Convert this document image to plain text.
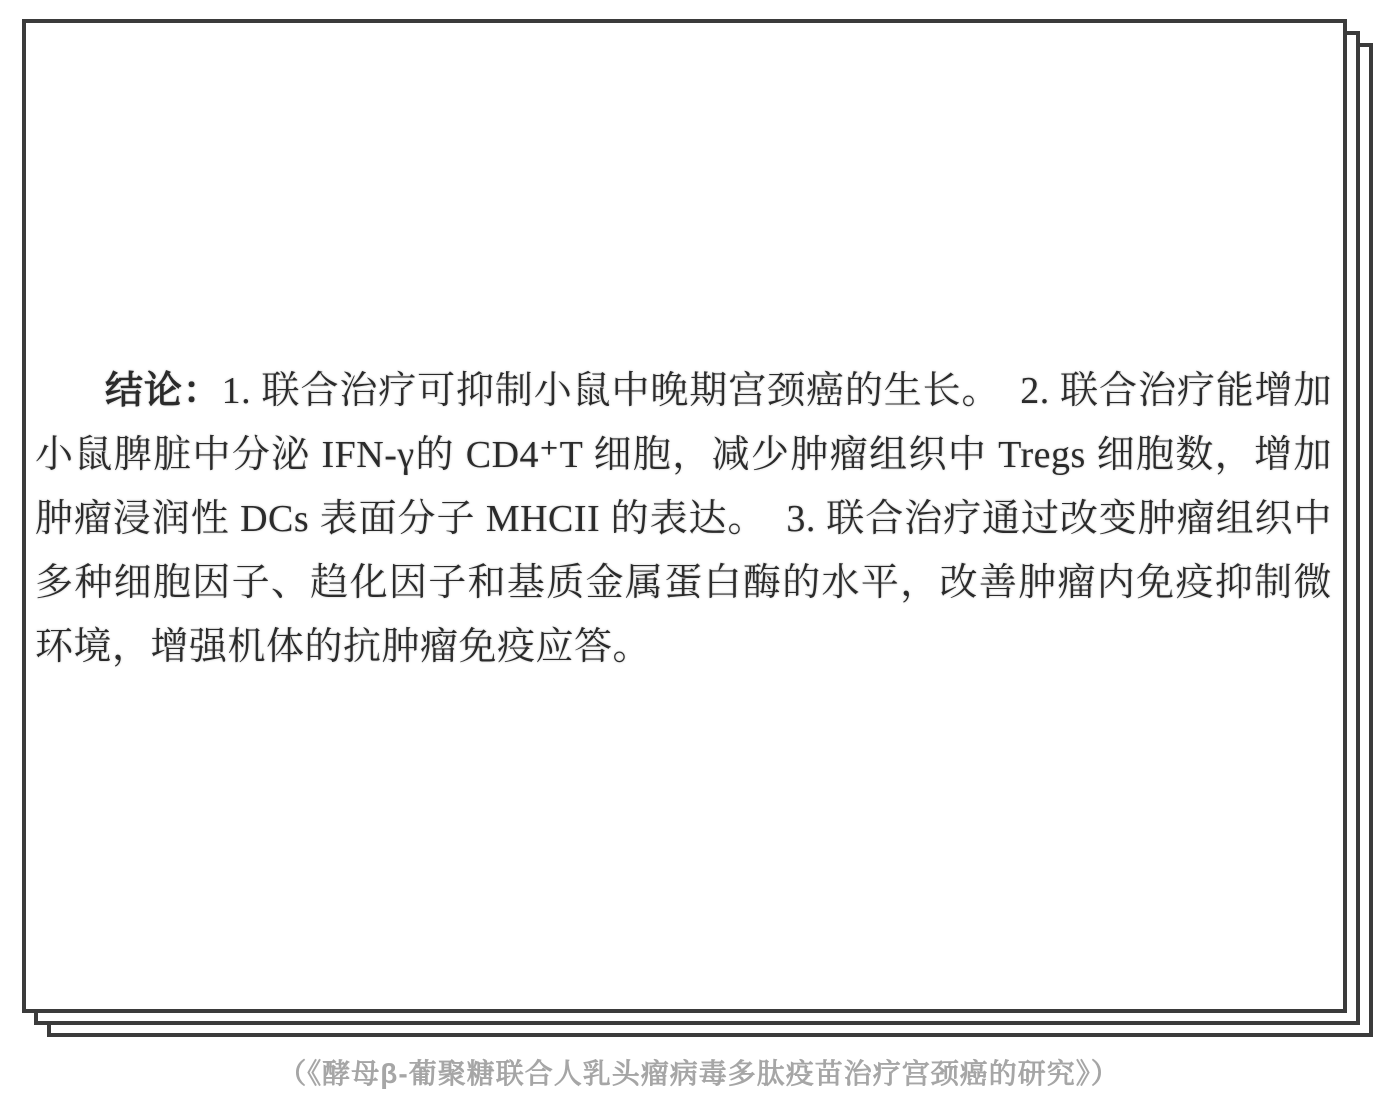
结论：1. 联合治疗可抑制小鼠中晚期宫颈癌的生长。　2. 联合治疗能增加小鼠脾脏中分泌 IFN-γ的 CD4⁺T 细胞，减少肿瘤组织中 Tregs 细胞数，增加肿瘤浸润性 DCs 表面分子 MHCII 的表达。　3. 联合治疗通过改变肿瘤组织中多种细胞因子、趋化因子和基质金属蛋白酶的水平，改善肿瘤内免疫抑制微环境，增强机体的抗肿瘤免疫应答。

（《酵母β-葡聚糖联合人乳头瘤病毒多肽疫苗治疗宫颈癌的研究》）
